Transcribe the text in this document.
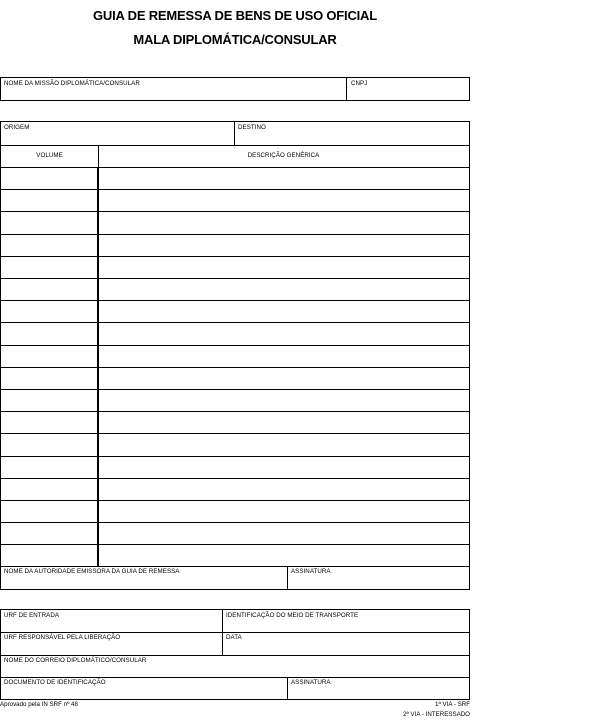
GUIA DE REMESSA DE BENS DE USO OFICIAL
MALA DIPLOMÁTICA/CONSULAR
NOME DA MISSÃO DIPLOMÁTICA/CONSULAR	CNPJ
ORIGEM	DESTINO
VOLUME	DESCRIÇÃO GENÉRICA
NOME DA AUTORIDADE EMISSORA DA GUIA DE REMESSA	ASSINATURA
URF DE ENTRADA	IDENTIFICAÇÃO DO MEIO DE TRANSPORTE
URF RESPONSÁVEL PELA LIBERAÇÃO	DATA
NOME DO CORREIO DIPLOMÁTICO/CONSULAR
DOCUMENTO DE IDENTIFICAÇÃO	ASSINATURA
Aprovado pela IN SRF nº 48	1ª VIA - SRF
2ª VIA - INTERESSADO
